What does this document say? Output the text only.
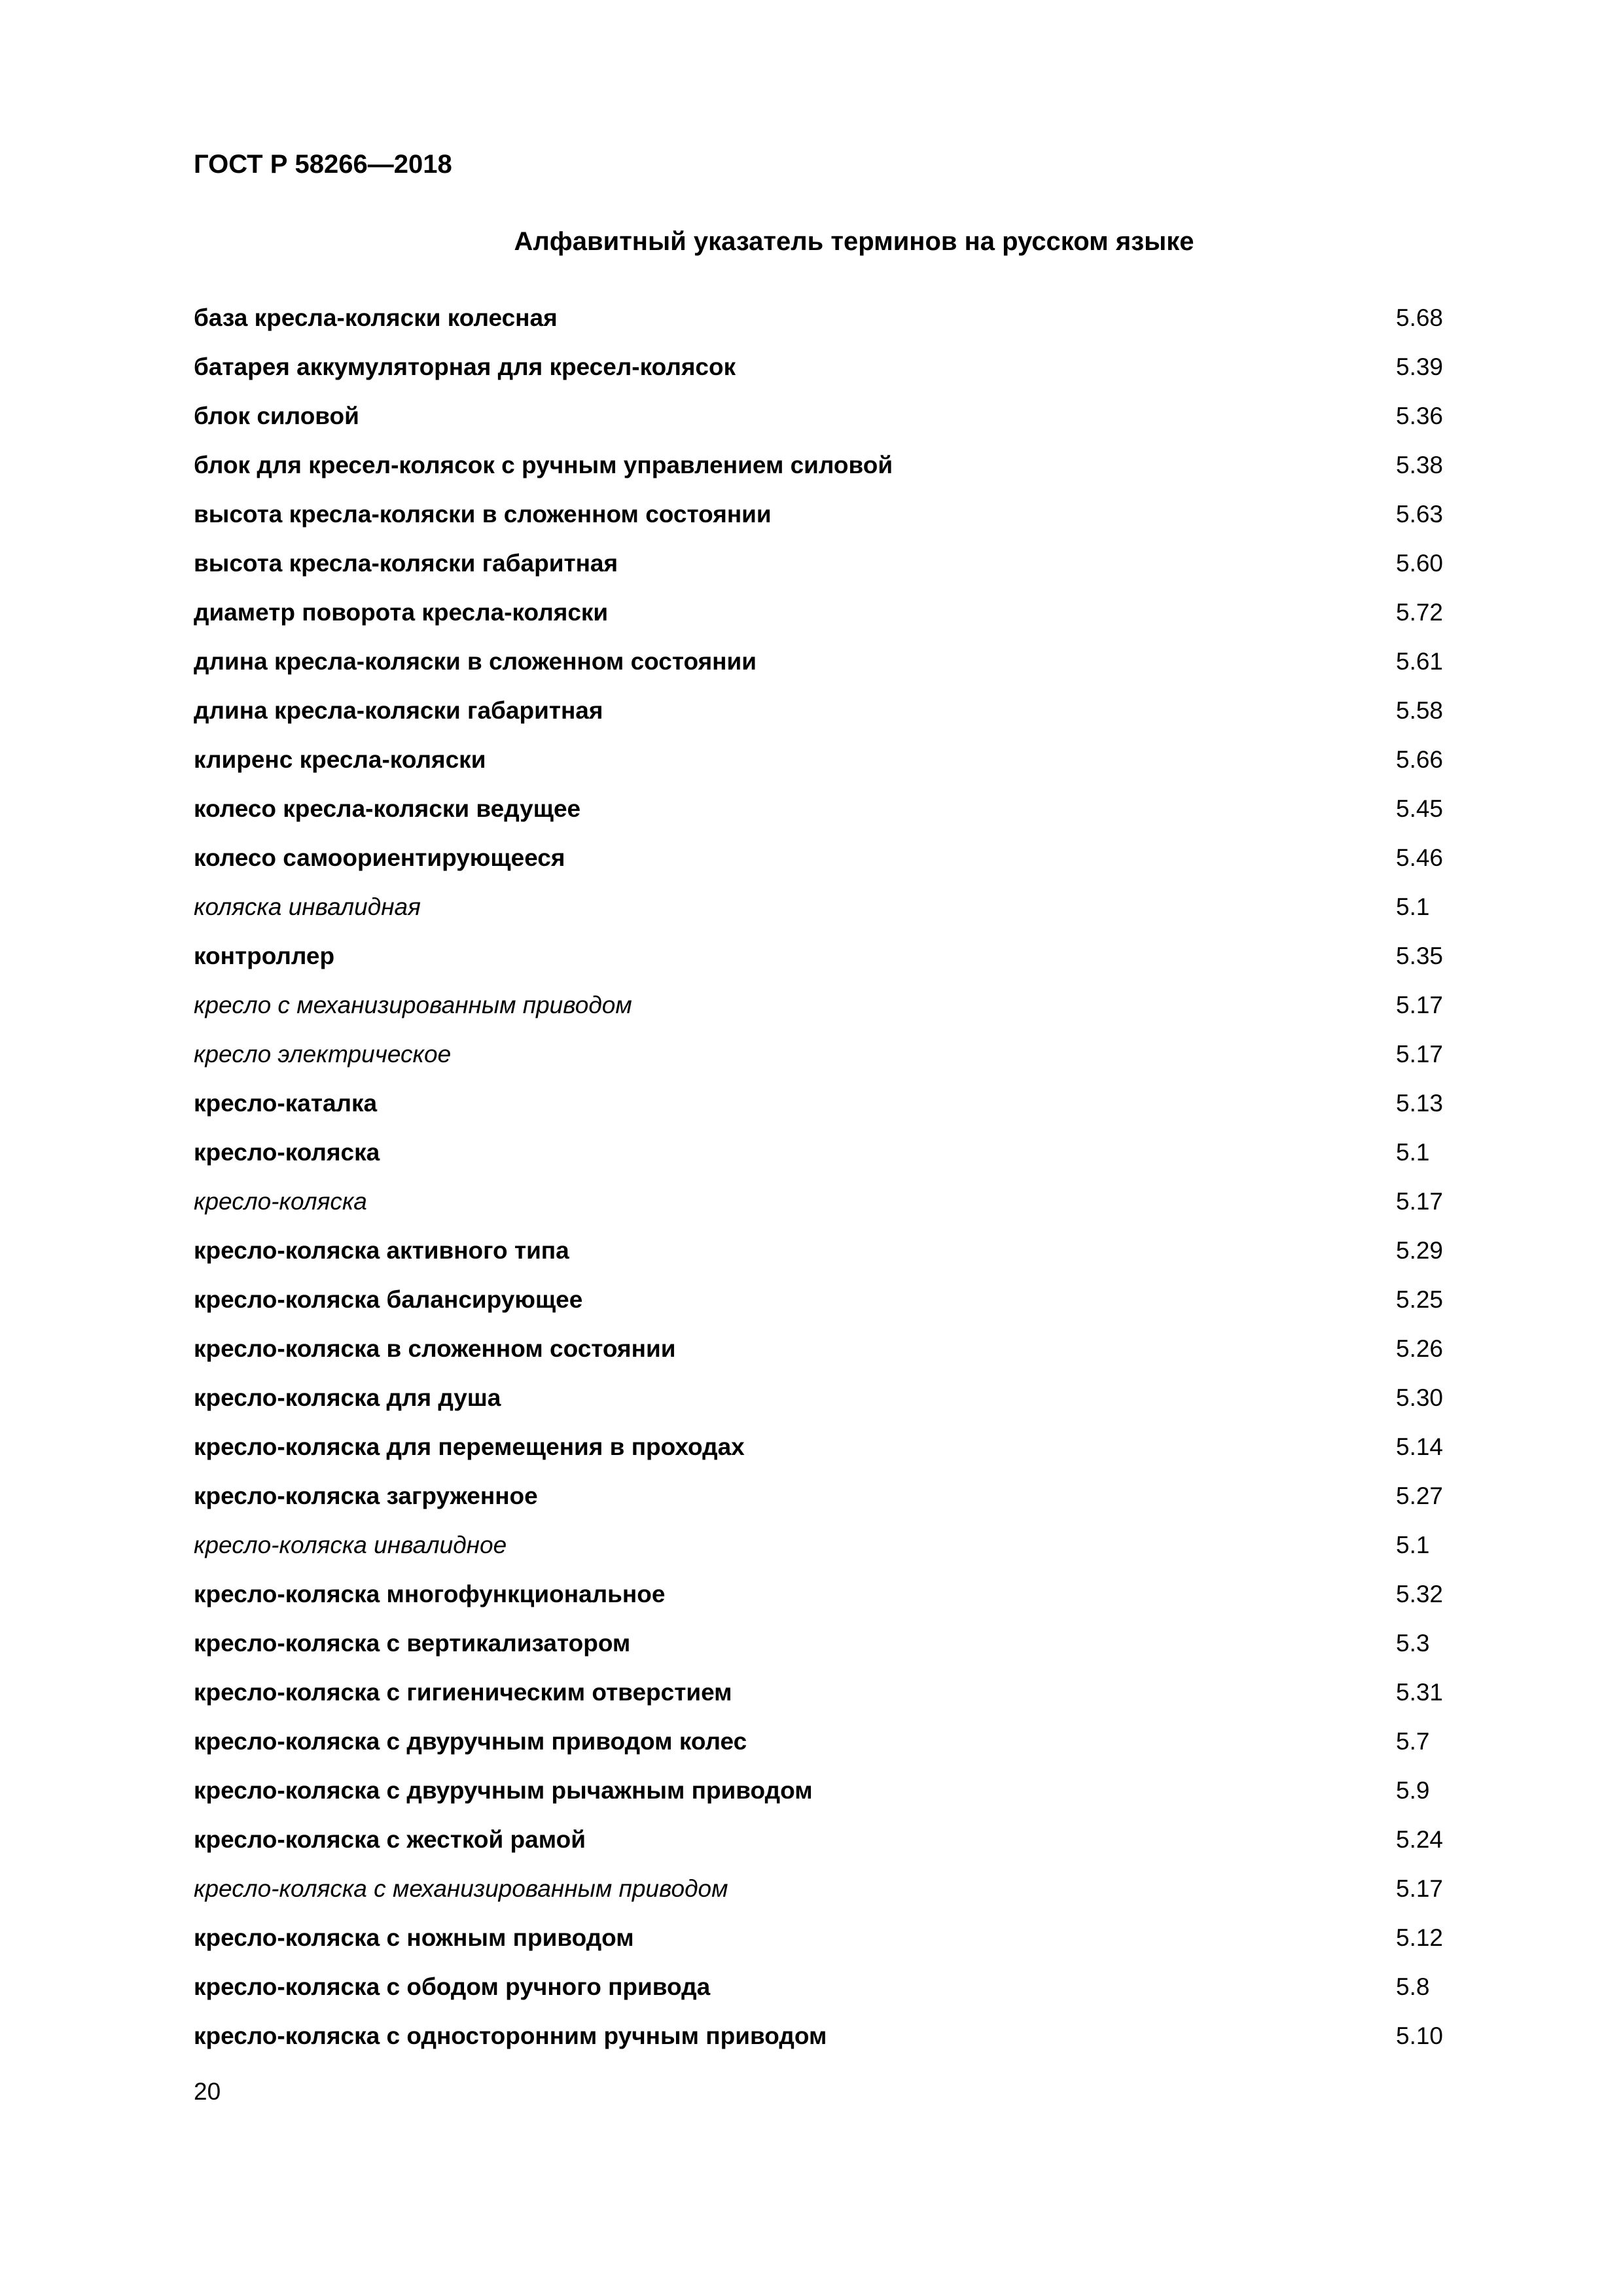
ГОСТ Р 58266—2018
Алфавитный указатель терминов на русском языке
база кресла-коляски колесная	5.68
батарея аккумуляторная для кресел-колясок	5.39
блок силовой	5.36
блок для кресел-колясок с ручным управлением силовой	5.38
высота кресла-коляски в сложенном состоянии	5.63
высота кресла-коляски габаритная	5.60
диаметр поворота кресла-коляски	5.72
длина кресла-коляски в сложенном состоянии	5.61
длина кресла-коляски габаритная	5.58
клиренс кресла-коляски	5.66
колесо кресла-коляски ведущее	5.45
колесо самоориентирующееся	5.46
коляска инвалидная	5.1
контроллер	5.35
кресло с механизированным приводом	5.17
кресло электрическое	5.17
кресло-каталка	5.13
кресло-коляска	5.1
кресло-коляска	5.17
кресло-коляска активного типа	5.29
кресло-коляска балансирующее	5.25
кресло-коляска в сложенном состоянии	5.26
кресло-коляска для душа	5.30
кресло-коляска для перемещения в проходах	5.14
кресло-коляска загруженное	5.27
кресло-коляска инвалидное	5.1
кресло-коляска многофункциональное	5.32
кресло-коляска с вертикализатором	5.3
кресло-коляска с гигиеническим отверстием	5.31
кресло-коляска с двуручным приводом колес	5.7
кресло-коляска с двуручным рычажным приводом	5.9
кресло-коляска с жесткой рамой	5.24
кресло-коляска с механизированным приводом	5.17
кресло-коляска с ножным приводом	5.12
кресло-коляска с ободом ручного привода	5.8
кресло-коляска с односторонним ручным приводом	5.10
20
